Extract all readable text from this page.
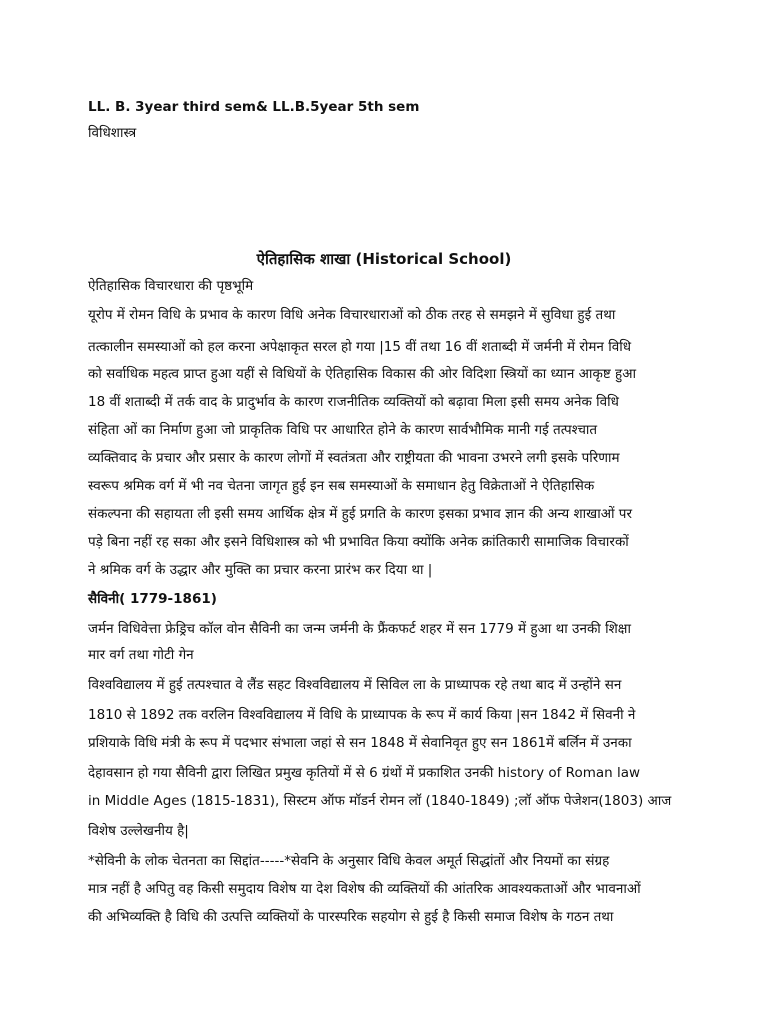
LL. B. 3year third sem& LL.B.5year 5th sem
विधिशास्त्र
ऐतिहासिक शाखा (Historical School)
ऐतिहासिक विचारधारा की पृष्ठभूमि
यूरोप में रोमन विधि के प्रभाव के कारण विधि अनेक विचारधाराओं को ठीक तरह से समझने में सुविधा हुई तथा
तत्कालीन समस्याओं को हल करना अपेक्षाकृत सरल हो गया |15 वीं तथा 16 वीं शताब्दी में जर्मनी में रोमन विधि
को सर्वाधिक महत्व प्राप्त हुआ यहीं से विधियों के ऐतिहासिक विकास की ओर विदिशा स्त्रियों का ध्यान आकृष्ट हुआ
18 वीं शताब्दी में तर्क वाद के प्रादुर्भाव के कारण राजनीतिक व्यक्तियों को बढ़ावा मिला इसी समय अनेक विधि
संहिता ओं का निर्माण हुआ जो प्राकृतिक विधि पर आधारित होने के कारण सार्वभौमिक मानी गई तत्पश्चात
व्यक्तिवाद के प्रचार और प्रसार के कारण लोगों में स्वतंत्रता और राष्ट्रीयता की भावना उभरने लगी इसके परिणाम
स्वरूप श्रमिक वर्ग में भी नव चेतना जागृत हुई इन सब समस्याओं के समाधान हेतु विक्रेताओं ने ऐतिहासिक
संकल्पना की सहायता ली इसी समय आर्थिक क्षेत्र में हुई प्रगति के कारण इसका प्रभाव ज्ञान की अन्य शाखाओं पर
पड़े बिना नहीं रह सका और इसने विधिशास्त्र को भी प्रभावित किया क्योंकि अनेक क्रांतिकारी सामाजिक विचारकों
ने श्रमिक वर्ग के उद्धार और मुक्ति का प्रचार करना प्रारंभ कर दिया था |
सैविनी( 1779-1861)
जर्मन विधिवेत्ता फ्रेड्रिच कॉल वोन सैविनी का जन्म जर्मनी के फ्रैंकफर्ट शहर में सन 1779 में हुआ था उनकी शिक्षा
मार वर्ग तथा गोटी गेन
विश्वविद्यालय में हुई तत्पश्चात वे लैंड सहट विश्वविद्यालय में सिविल ला के प्राध्यापक रहे तथा बाद में उन्होंने सन
1810 से 1892 तक वरलिन विश्वविद्यालय में विधि के प्राध्यापक के रूप में कार्य किया |सन 1842 में सिवनी ने
प्रशियाके विधि मंत्री के रूप में पदभार संभाला जहां से सन 1848 में सेवानिवृत हुए सन 1861में बर्लिन में उनका
देहावसान हो गया सैविनी द्वारा लिखित प्रमुख कृतियों में से 6 ग्रंथों में प्रकाशित उनकी history of Roman law
in Middle Ages (1815-1831), सिस्टम ऑफ मॉडर्न रोमन लॉ (1840-1849) ;लॉ ऑफ पेजेशन(1803) आज
विशेष उल्लेखनीय है|
*सेविनी के लोक चेतनता का सिद्दांत-----*सेवनि के अनुसार विधि केवल अमूर्त सिद्धांतों और नियमों का संग्रह
मात्र नहीं है अपितु वह किसी समुदाय विशेष या देश विशेष की व्यक्तियों की आंतरिक आवश्यकताओं और भावनाओं
की अभिव्यक्ति है विधि की उत्पत्ति व्यक्तियों के पारस्परिक सहयोग से हुई है किसी समाज विशेष के गठन तथा
